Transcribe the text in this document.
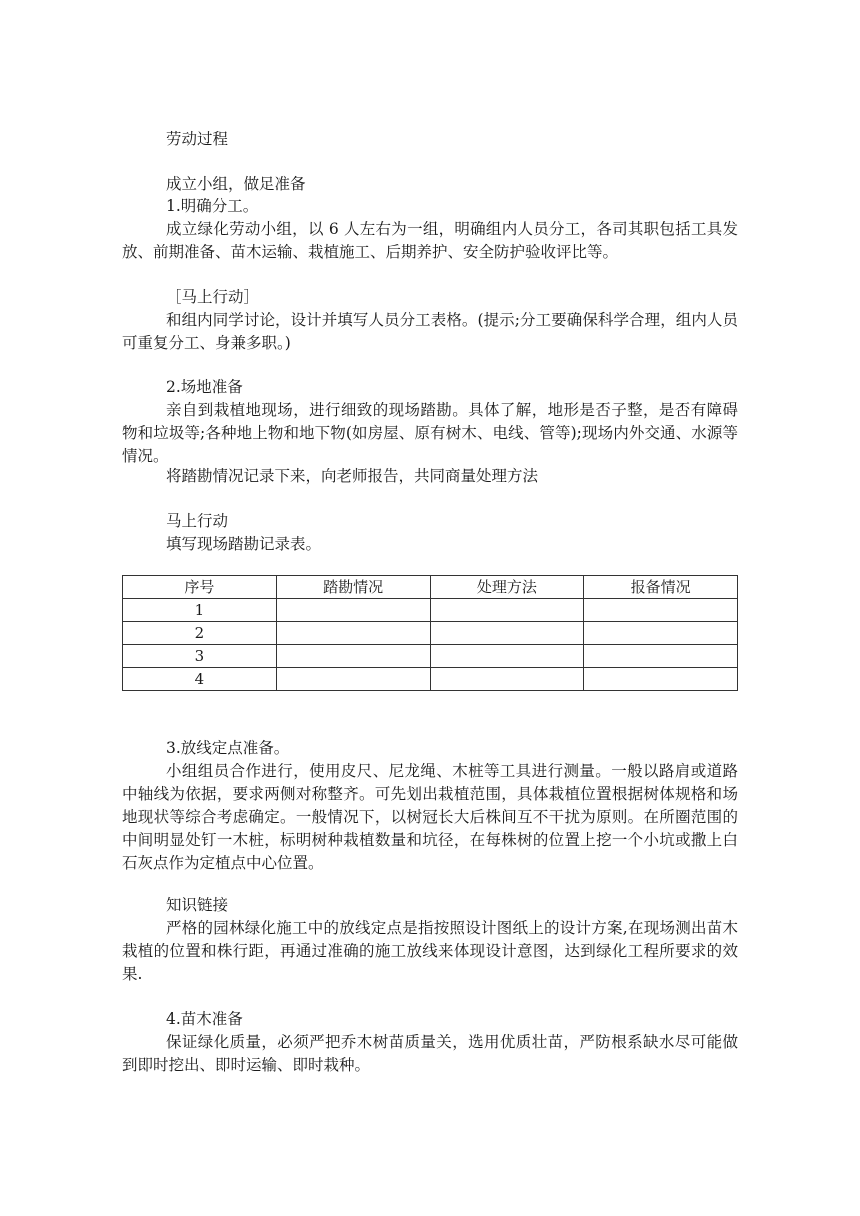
劳动过程
成立小组，做足准备
1.明确分工。
成立绿化劳动小组，以 6 人左右为一组，明确组内人员分工，各司其职包括工具发放、前期准备、苗木运输、栽植施工、后期养护、安全防护验收评比等。
［马上行动］
和组内同学讨论，设计并填写人员分工表格。(提示;分工要确保科学合理，组内人员可重复分工、身兼多职。)
2.场地准备
亲自到栽植地现场，进行细致的现场踏勘。具体了解，地形是否子整，是否有障碍物和垃圾等;各种地上物和地下物(如房屋、原有树木、电线、管等);现场内外交通、水源等情况。
将踏勘情况记录下来，向老师报告，共同商量处理方法
马上行动
填写现场踏勘记录表。
序号	踏勘情况	处理方法	报备情况
1			
2			
3			
4			
3.放线定点准备。
小组组员合作进行，使用皮尺、尼龙绳、木桩等工具进行测量。一般以路肩或道路中轴线为依据，要求两侧对称整齐。可先划出栽植范围，具体栽植位置根据树体规格和场地现状等综合考虑确定。一般情况下，以树冠长大后株间互不干扰为原则。在所圈范围的中间明显处钉一木桩，标明树种栽植数量和坑径，在每株树的位置上挖一个小坑或撒上白石灰点作为定植点中心位置。
知识链接
严格的园林绿化施工中的放线定点是指按照设计图纸上的设计方案,在现场测出苗木栽植的位置和株行距，再通过准确的施工放线来体现设计意图，达到绿化工程所要求的效果.
4.苗木准备
保证绿化质量，必须严把乔木树苗质量关，选用优质壮苗，严防根系缺水尽可能做到即时挖出、即时运输、即时栽种。
